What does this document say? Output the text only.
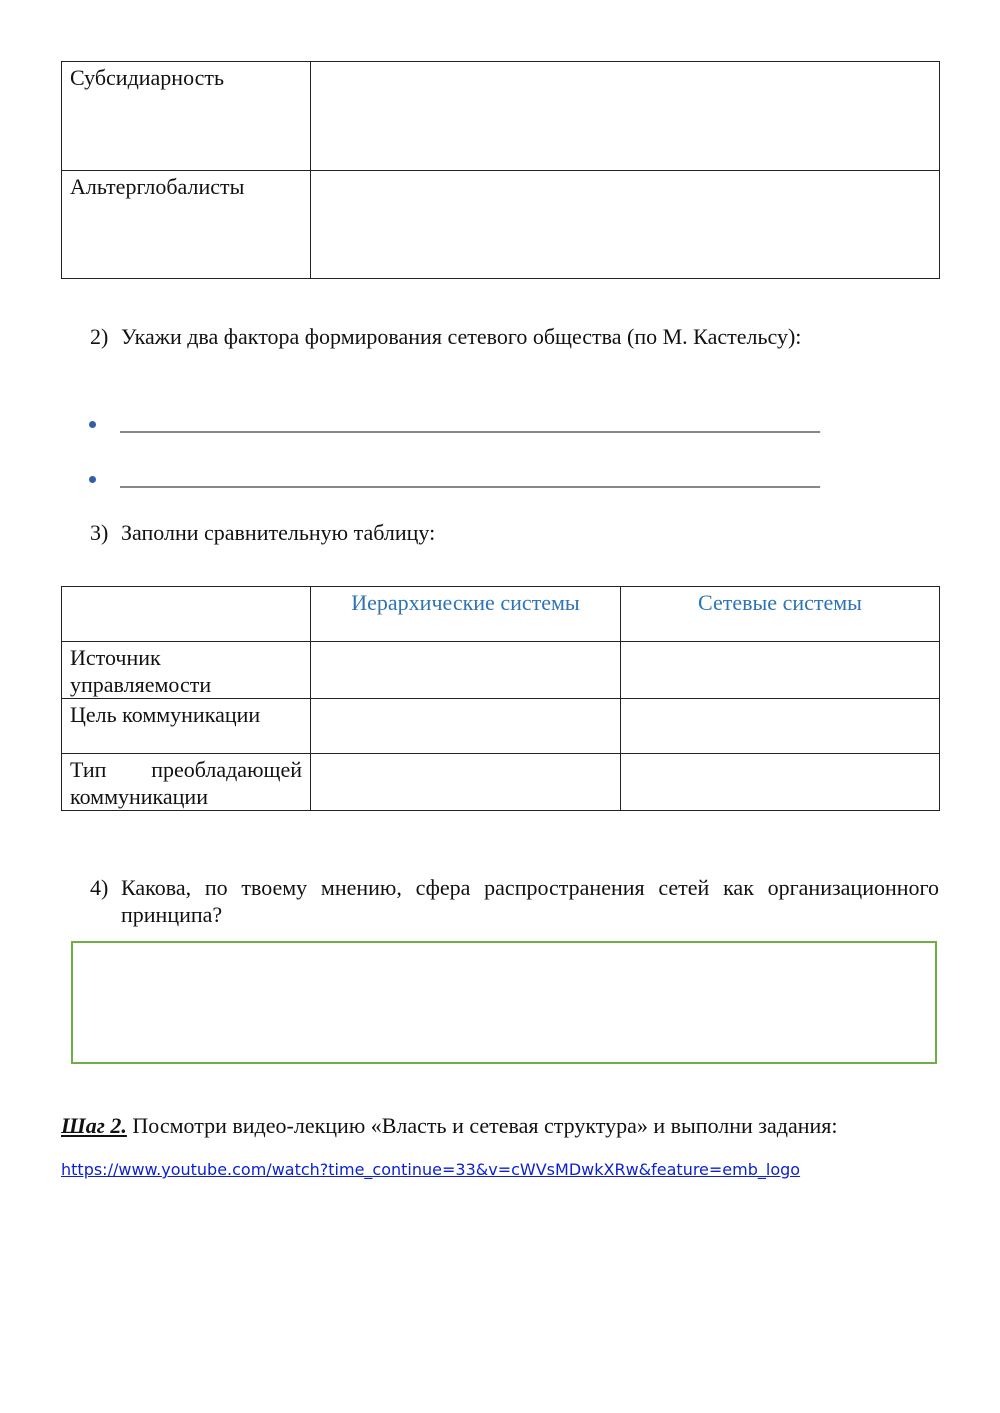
Субсидиарность	
Альтерглобалисты	
2) Укажи два фактора формирования сетевого общества (по М. Кастельсу):
______________________________________________________________________
______________________________________________________________________
3) Заполни сравнительную таблицу:
	Иерархические системы	Сетевые системы
Источник управляемости		
Цель коммуникации		

Тип преобладающей
коммуникации		

4) Какова, по твоему мнению, сфера распространения сетей как организационного
принципа?
Шаг 2. Посмотри видео-лекцию «Власть и сетевая структура» и выполни задания:
https://www.youtube.com/watch?time_continue=33&v=cWVsMDwkXRw&feature=emb_logo
